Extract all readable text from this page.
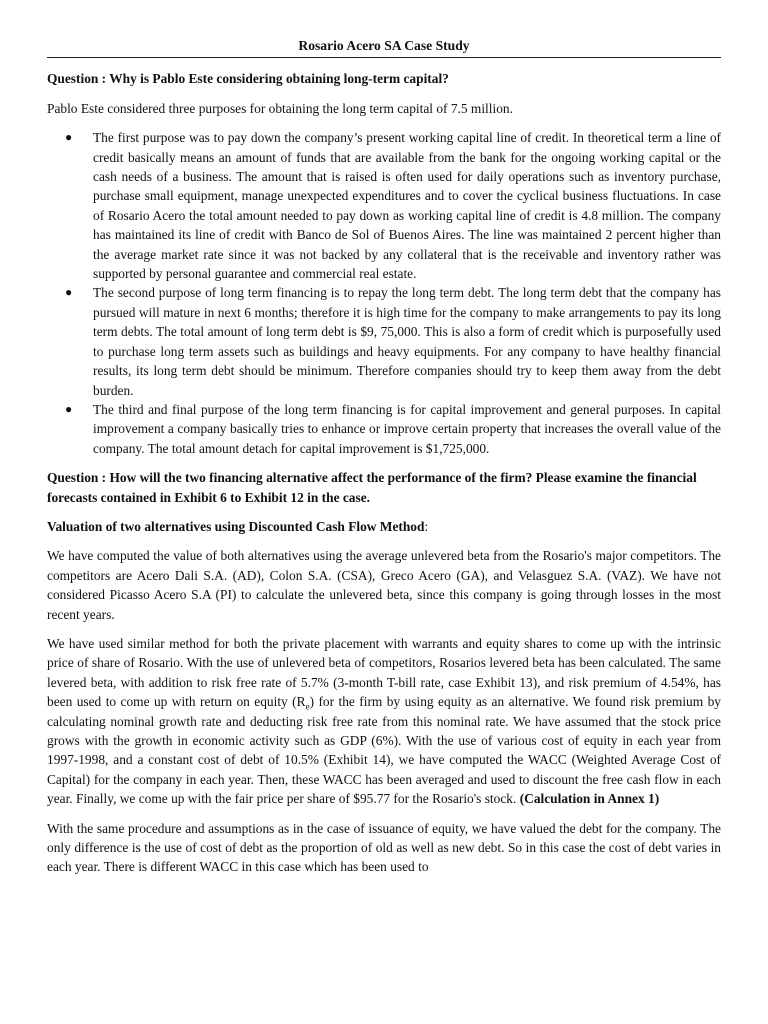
Rosario Acero SA Case Study

Question : Why is Pablo Este considering obtaining long-term capital?

Pablo Este considered three purposes for obtaining the long term capital of 7.5 million.

● The first purpose was to pay down the company’s present working capital line of credit. In theoretical term a line of credit basically means an amount of funds that are available from the bank for the ongoing working capital or the cash needs of a business. The amount that is raised is often used for daily operations such as inventory purchase, purchase small equipment, manage unexpected expenditures and to cover the cyclical business fluctuations. In case of Rosario Acero the total amount needed to pay down as working capital line of credit is 4.8 million. The company has maintained its line of credit with Banco de Sol of Buenos Aires. The line was maintained 2 percent higher than the average market rate since it was not backed by any collateral that is the receivable and inventory rather was supported by personal guarantee and commercial real estate.
● The second purpose of long term financing is to repay the long term debt. The long term debt that the company has pursued will mature in next 6 months; therefore it is high time for the company to make arrangements to pay its long term debts. The total amount of long term debt is $9, 75,000. This is also a form of credit which is purposefully used to purchase long term assets such as buildings and heavy equipments. For any company to have healthy financial results, its long term debt should be minimum. Therefore companies should try to keep them away from the debt burden.
● The third and final purpose of the long term financing is for capital improvement and general purposes. In capital improvement a company basically tries to enhance or improve certain property that increases the overall value of the company. The total amount detach for capital improvement is $1,725,000.

Question : How will the two financing alternative affect the performance of the firm? Please examine the financial forecasts contained in Exhibit 6 to Exhibit 12 in the case.

Valuation of two alternatives using Discounted Cash Flow Method:

We have computed the value of both alternatives using the average unlevered beta from the Rosario's major competitors. The competitors are Acero Dali S.A. (AD), Colon S.A. (CSA), Greco Acero (GA), and Velasguez S.A. (VAZ). We have not considered Picasso Acero S.A (PI) to calculate the unlevered beta, since this company is going through losses in the most recent years.

We have used similar method for both the private placement with warrants and equity shares to come up with the intrinsic price of share of Rosario. With the use of unlevered beta of competitors, Rosarios levered beta has been calculated. The same levered beta, with addition to risk free rate of 5.7% (3-month T-bill rate, case Exhibit 13), and risk premium of 4.54%, has been used to come up with return on equity $(R_e)$ for the firm by using equity as an alternative. We found risk premium by calculating nominal growth rate and deducting risk free rate from this nominal rate. We have assumed that the stock price grows with the growth in economic activity such as GDP (6%). With the use of various cost of equity in each year from 1997-1998, and a constant cost of debt of 10.5% (Exhibit 14), we have computed the WACC (Weighted Average Cost of Capital) for the company in each year. Then, these WACC has been averaged and used to discount the free cash flow in each year. Finally, we come up with the fair price per share of $95.77 for the Rosario's stock. (Calculation in Annex 1)

With the same procedure and assumptions as in the case of issuance of equity, we have valued the debt for the company. The only difference is the use of cost of debt as the proportion of old as well as new debt. So in this case the cost of debt varies in each year. There is different WACC in this case which has been used to
